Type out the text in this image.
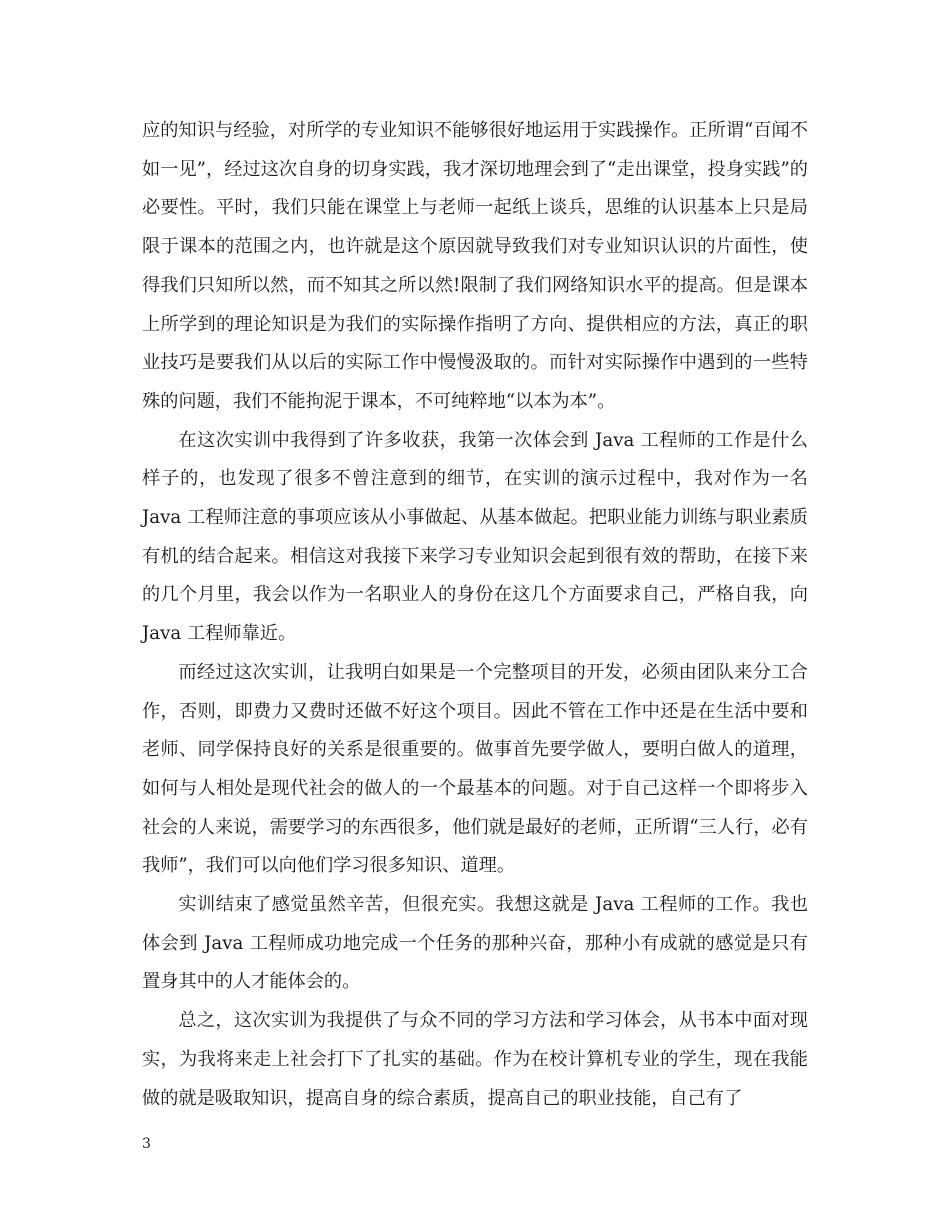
应的知识与经验，对所学的专业知识不能够很好地运用于实践操作。正所谓“百闻不如一见”，经过这次自身的切身实践，我才深切地理会到了“走出课堂，投身实践”的必要性。平时，我们只能在课堂上与老师一起纸上谈兵，思维的认识基本上只是局限于课本的范围之内，也许就是这个原因就导致我们对专业知识认识的片面性，使得我们只知所以然，而不知其之所以然!限制了我们网络知识水平的提高。但是课本上所学到的理论知识是为我们的实际操作指明了方向、提供相应的方法，真正的职业技巧是要我们从以后的实际工作中慢慢汲取的。而针对实际操作中遇到的一些特殊的问题，我们不能拘泥于课本，不可纯粹地“以本为本”。

在这次实训中我得到了许多收获，我第一次体会到 Java 工程师的工作是什么样子的，也发现了很多不曾注意到的细节，在实训的演示过程中，我对作为一名 Java 工程师注意的事项应该从小事做起、从基本做起。把职业能力训练与职业素质有机的结合起来。相信这对我接下来学习专业知识会起到很有效的帮助，在接下来的几个月里，我会以作为一名职业人的身份在这几个方面要求自己，严格自我，向 Java 工程师靠近。

而经过这次实训，让我明白如果是一个完整项目的开发，必须由团队来分工合作，否则，即费力又费时还做不好这个项目。因此不管在工作中还是在生活中要和老师、同学保持良好的关系是很重要的。做事首先要学做人，要明白做人的道理，如何与人相处是现代社会的做人的一个最基本的问题。对于自己这样一个即将步入社会的人来说，需要学习的东西很多，他们就是最好的老师，正所谓“三人行，必有我师”，我们可以向他们学习很多知识、道理。

实训结束了感觉虽然辛苦，但很充实。我想这就是 Java 工程师的工作。我也体会到 Java 工程师成功地完成一个任务的那种兴奋，那种小有成就的感觉是只有置身其中的人才能体会的。

总之，这次实训为我提供了与众不同的学习方法和学习体会，从书本中面对现实，为我将来走上社会打下了扎实的基础。作为在校计算机专业的学生，现在我能做的就是吸取知识，提高自身的综合素质，提高自己的职业技能，自己有了

3
